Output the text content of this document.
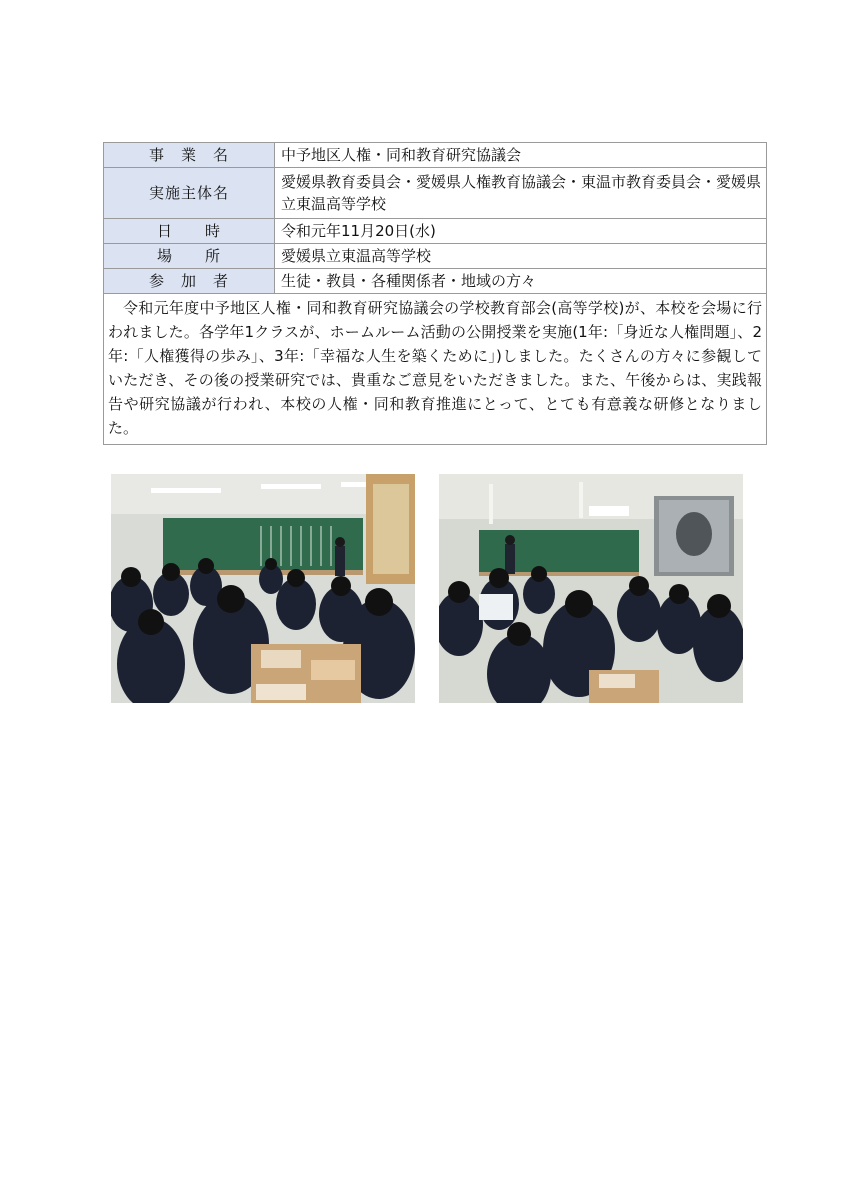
事　業　名	中予地区人権・同和教育研究協議会
実施主体名	愛媛県教育委員会・愛媛県人権教育協議会・東温市教育委員会・愛媛県立東温高等学校
日　　時	令和元年11月20日(水)
場　　所	愛媛県立東温高等学校
参　加　者	生徒・教員・各種関係者・地域の方々
令和元年度中予地区人権・同和教育研究協議会の学校教育部会(高等学校)が、本校を会場に行われました。各学年1クラスが、ホームルーム活動の公開授業を実施(1年:「身近な人権問題」、2年:「人権獲得の歩み」、3年:「幸福な人生を築くために」)しました。たくさんの方々に参観していただき、その後の授業研究では、貴重なご意見をいただきました。また、午後からは、実践報告や研究協議が行われ、本校の人権・同和教育推進にとって、とても有意義な研修となりました。	
